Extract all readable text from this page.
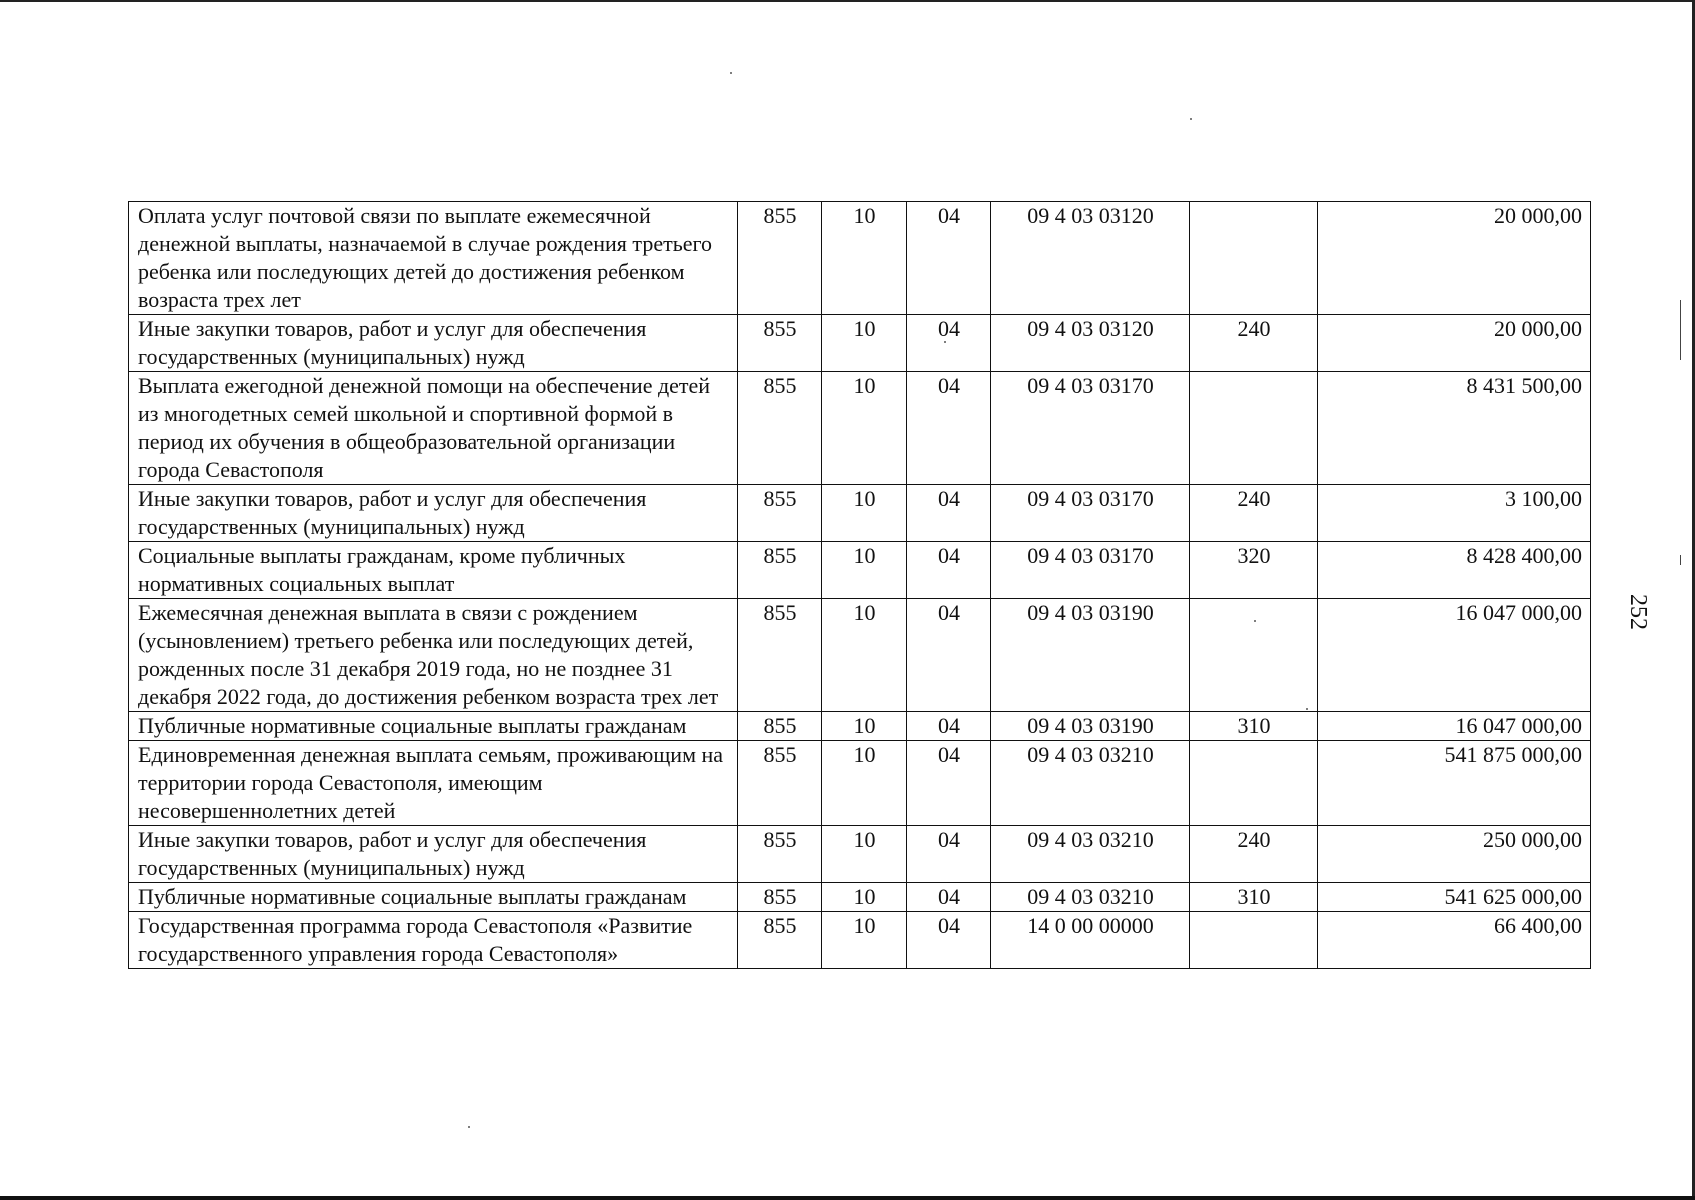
Оплата услуг почтовой связи по выплате ежемесячной денежной выплаты, назначаемой в случае рождения третьего ребенка или последующих детей до достижения ребенком возраста трех лет	855	10	04	09 4 03 03120		20 000,00
Иные закупки товаров, работ и услуг для обеспечения государственных (муниципальных) нужд	855	10	04	09 4 03 03120	240	20 000,00
Выплата ежегодной денежной помощи на обеспечение детей из многодетных семей школьной и спортивной формой в период их обучения в общеобразовательной организации города Севастополя	855	10	04	09 4 03 03170		8 431 500,00
Иные закупки товаров, работ и услуг для обеспечения государственных (муниципальных) нужд	855	10	04	09 4 03 03170	240	3 100,00
Социальные выплаты гражданам, кроме публичных нормативных социальных выплат	855	10	04	09 4 03 03170	320	8 428 400,00
Ежемесячная денежная выплата в связи с рождением (усыновлением) третьего ребенка или последующих детей, рожденных после 31 декабря 2019 года, но не позднее 31 декабря 2022 года, до достижения ребенком возраста трех лет	855	10	04	09 4 03 03190		16 047 000,00
Публичные нормативные социальные выплаты гражданам	855	10	04	09 4 03 03190	310	16 047 000,00
Единовременная денежная выплата семьям, проживающим на территории города Севастополя, имеющим несовершеннолетних детей	855	10	04	09 4 03 03210		541 875 000,00
Иные закупки товаров, работ и услуг для обеспечения государственных (муниципальных) нужд	855	10	04	09 4 03 03210	240	250 000,00
Публичные нормативные социальные выплаты гражданам	855	10	04	09 4 03 03210	310	541 625 000,00
Государственная программа города Севастополя «Развитие государственного управления города Севастополя»	855	10	04	14 0 00 00000		66 400,00
252
